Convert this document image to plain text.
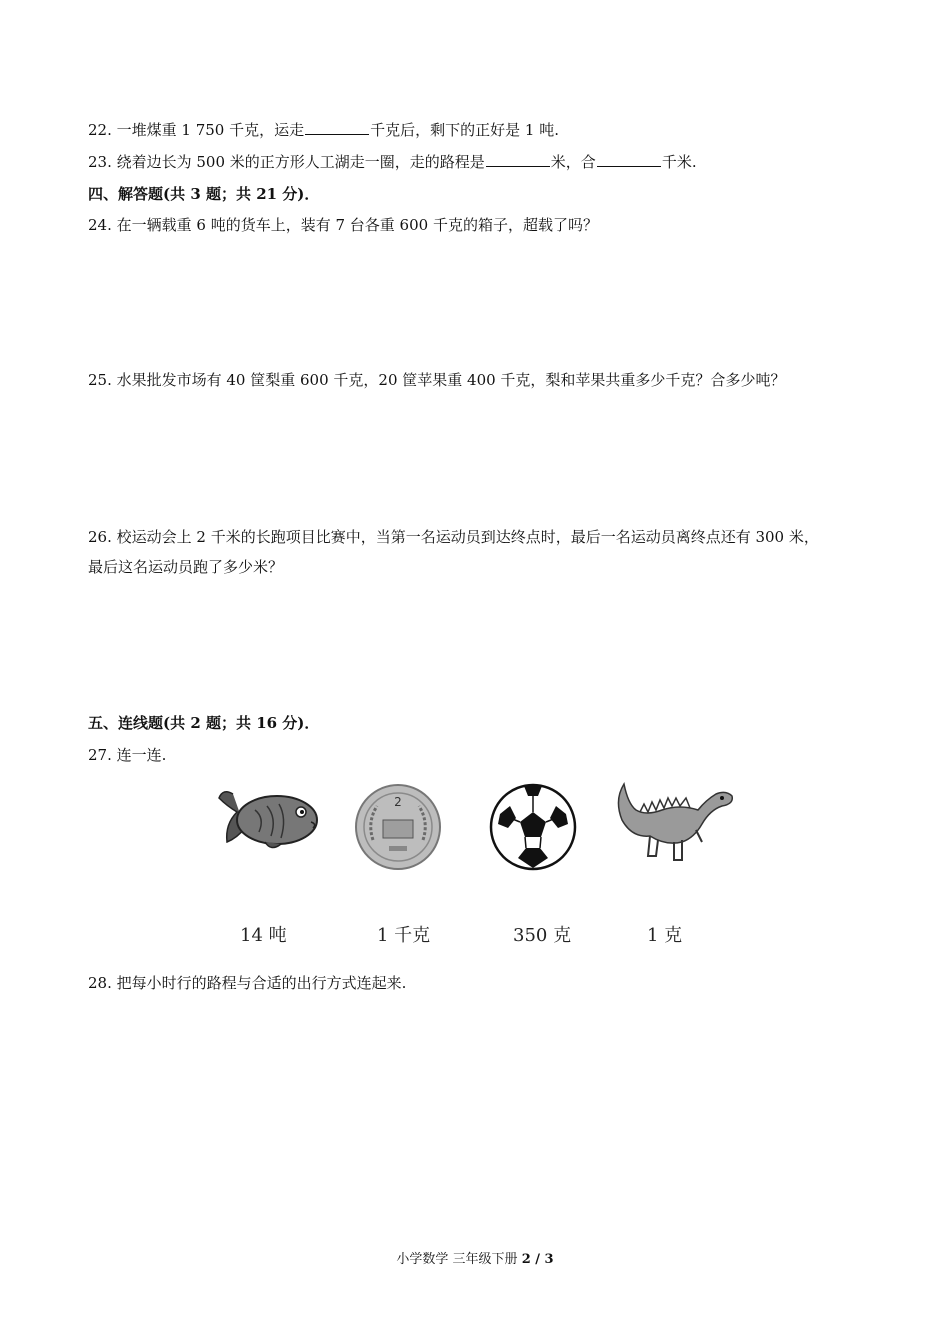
22. 一堆煤重 1 750 千克，运走	千克后，剩下的正好是 1 吨.
23. 绕着边长为 500 米的正方形人工湖走一圈，走的路程是	米，合	千米.
四、解答题(共 3 题；共 21 分)．
24. 在一辆载重 6 吨的货车上，装有 7 台各重 600 千克的箱子，超载了吗？
25. 水果批发市场有 40 筐梨重 600 千克，20 筐苹果重 400 千克，梨和苹果共重多少千克？合多少吨？
26. 校运动会上 2 千米的长跑项目比赛中，当第一名运动员到达终点时，最后一名运动员离终点还有 300 米，
最后这名运动员跑了多少米？
五、连线题(共 2 题；共 16 分)．
27. 连一连.
2
14 吨	1 千克	350 克	1 克
28. 把每小时行的路程与合适的出行方式连起来.
小学数学 三年级下册 2 / 3
